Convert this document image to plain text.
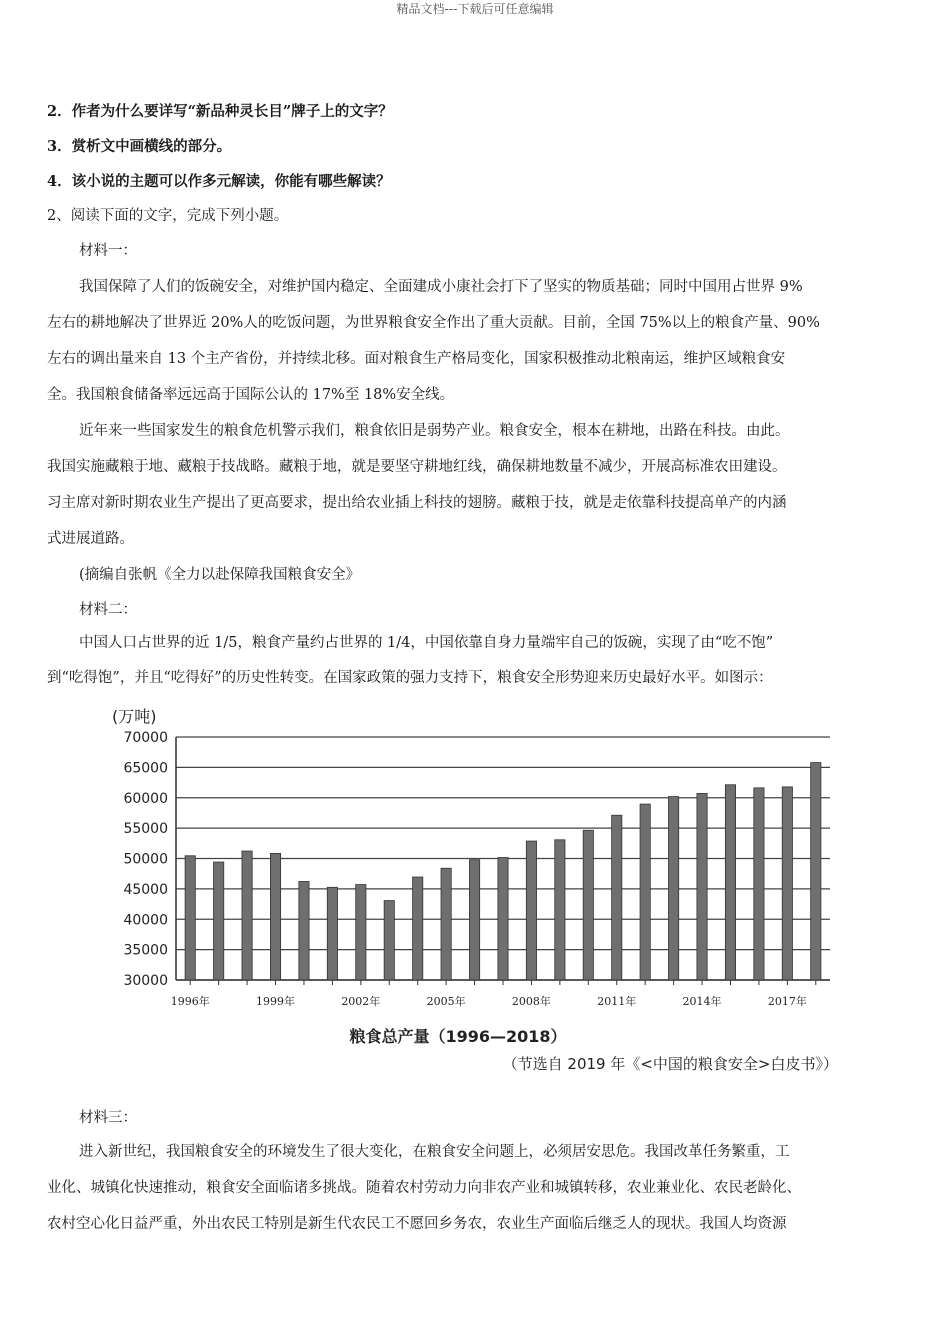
精品文档---下载后可任意编辑
2．作者为什么要详写“新品种灵长目”牌子上的文字？
3．赏析文中画横线的部分。
4．该小说的主题可以作多元解读，你能有哪些解读？
2、阅读下面的文字，完成下列小题。
材料一：
我国保障了人们的饭碗安全，对维护国内稳定、全面建成小康社会打下了坚实的物质基础；同时中国用占世界 9%
左右的耕地解决了世界近 20%人的吃饭问题，为世界粮食安全作出了重大贡献。目前，全国 75%以上的粮食产量、90%
左右的调出量来自 13 个主产省份，并持续北移。面对粮食生产格局变化，国家积极推动北粮南运，维护区域粮食安
全。我国粮食储备率远远高于国际公认的 17%至 18%安全线。
近年来一些国家发生的粮食危机警示我们，粮食依旧是弱势产业。粮食安全，根本在耕地，出路在科技。由此。
我国实施藏粮于地、藏粮于技战略。藏粮于地，就是要坚守耕地红线，确保耕地数量不减少，开展高标准农田建设。
习主席对新时期农业生产提出了更高要求，提出给农业插上科技的翅膀。藏粮于技，就是走依靠科技提高单产的内涵
式进展道路。
(摘编自张帆《全力以赴保障我国粮食安全》
材料二：
中国人口占世界的近 1/5，粮食产量约占世界的 1/4，中国依靠自身力量端牢自己的饭碗，实现了由“吃不饱”
到“吃得饱”，并且“吃得好”的历史性转变。在国家政策的强力支持下，粮食安全形势迎来历史最好水平。如图示：
(万吨)
30000
35000
40000
45000
50000
55000
60000
65000
70000
1996年	1999年	2002年	2005年	2008年	2011年	2014年	2017年
粮食总产量（1996—2018）
（节选自 2019 年《<中国的粮食安全>白皮书》）
材料三：
进入新世纪，我国粮食安全的环境发生了很大变化，在粮食安全问题上，必须居安思危。我国改革任务繁重，工
业化、城镇化快速推动，粮食安全面临诸多挑战。随着农村劳动力向非农产业和城镇转移，农业兼业化、农民老龄化、
农村空心化日益严重，外出农民工特别是新生代农民工不愿回乡务农，农业生产面临后继乏人的现状。我国人均资源
